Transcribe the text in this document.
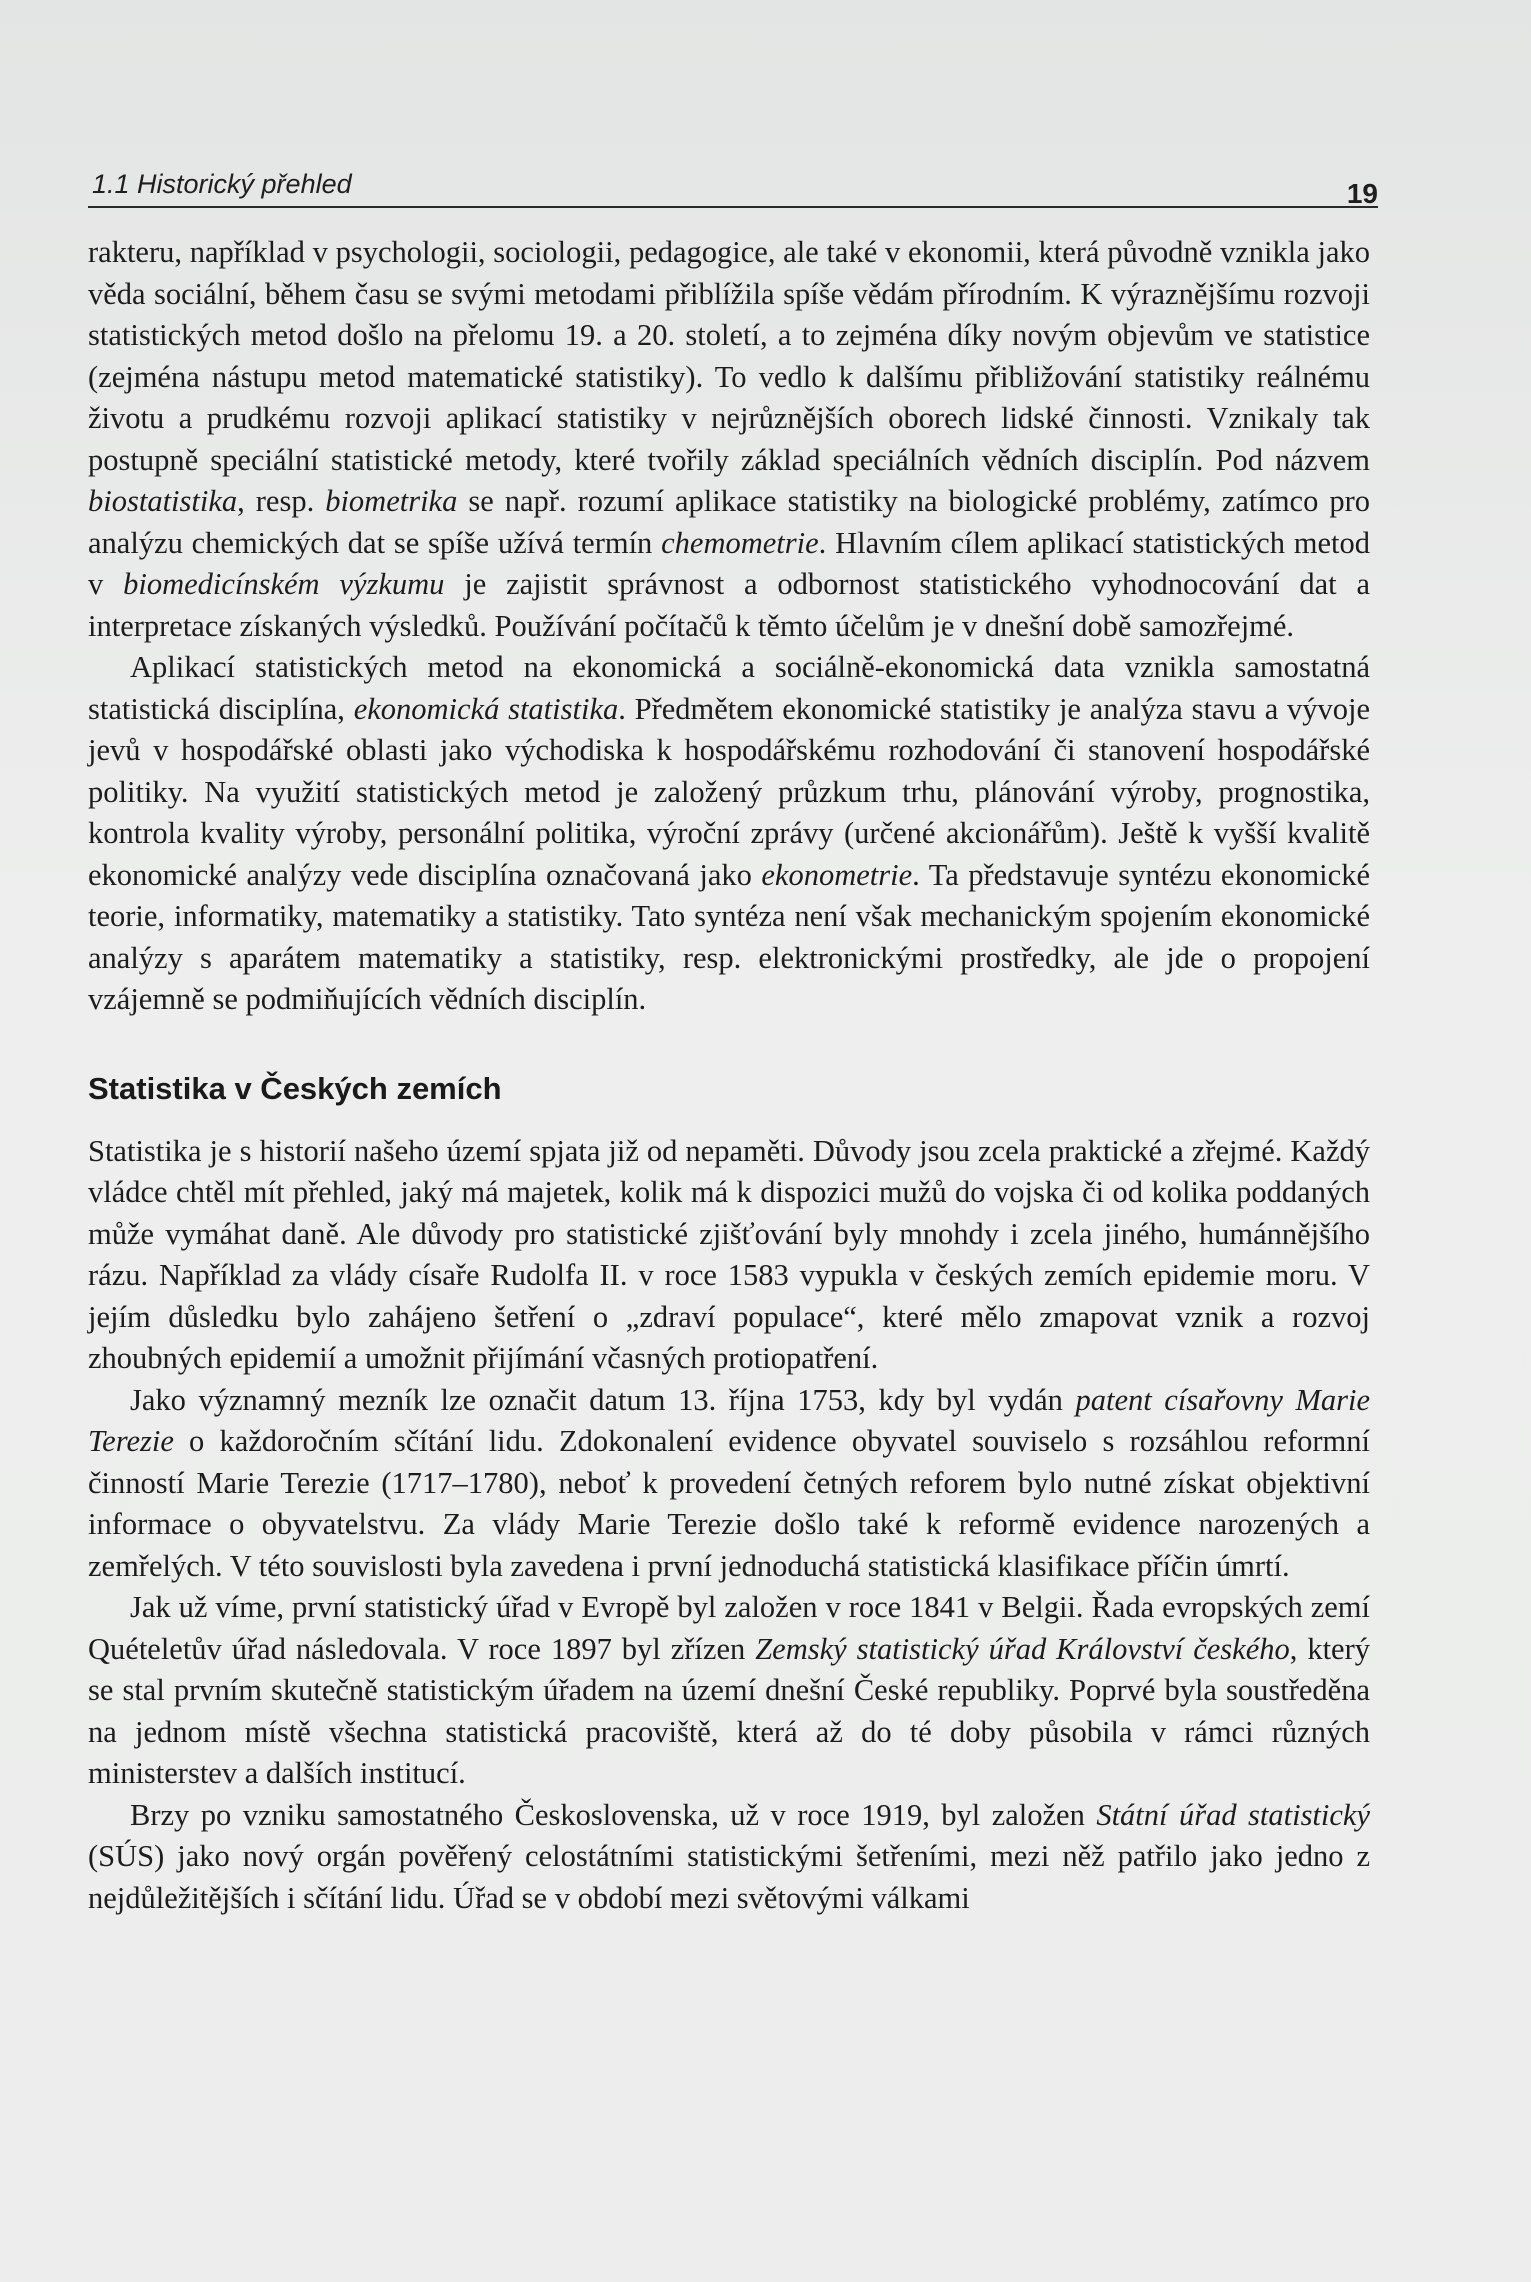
1.1 Historický přehled	19

rakteru, například v psychologii, sociologii, pedagogice, ale také v ekonomii, která původně vznikla jako věda sociální, během času se svými metodami přiblížila spíše vědám přírodním. K výraznějšímu rozvoji statistických metod došlo na přelomu 19. a 20. století, a to zejména díky novým objevům ve statistice (zejména nástupu metod matematické statistiky). To vedlo k dalšímu přibližování statistiky reálnému životu a prudkému rozvoji aplikací statistiky v nejrůznějších oborech lidské činnosti. Vznikaly tak postupně speciální statistické metody, které tvořily základ speciálních vědních disciplín. Pod názvem biostatistika, resp. biometrika se např. rozumí aplikace statistiky na biologické problémy, zatímco pro analýzu chemických dat se spíše užívá termín chemometrie. Hlavním cílem aplikací statistických metod v biomedicínském výzkumu je zajistit správnost a odbornost statistického vyhodnocování dat a interpretace získaných výsledků. Používání počítačů k těmto účelům je v dnešní době samozřejmé.

Aplikací statistických metod na ekonomická a sociálně-ekonomická data vznikla samostatná statistická disciplína, ekonomická statistika. Předmětem ekonomické statistiky je analýza stavu a vývoje jevů v hospodářské oblasti jako východiska k hospodářskému rozhodování či stanovení hospodářské politiky. Na využití statistických metod je založený průzkum trhu, plánování výroby, prognostika, kontrola kvality výroby, personální politika, výroční zprávy (určené akcionářům). Ještě k vyšší kvalitě ekonomické analýzy vede disciplína označovaná jako ekonometrie. Ta představuje syntézu ekonomické teorie, informatiky, matematiky a statistiky. Tato syntéza není však mechanickým spojením ekonomické analýzy s aparátem matematiky a statistiky, resp. elektronickými prostředky, ale jde o propojení vzájemně se podmiňujících vědních disciplín.

Statistika v Českých zemích

Statistika je s historií našeho území spjata již od nepaměti. Důvody jsou zcela praktické a zřejmé. Každý vládce chtěl mít přehled, jaký má majetek, kolik má k dispozici mužů do vojska či od kolika poddaných může vymáhat daně. Ale důvody pro statistické zjišťování byly mnohdy i zcela jiného, humánnějšího rázu. Například za vlády císaře Rudolfa II. v roce 1583 vypukla v českých zemích epidemie moru. V jejím důsledku bylo zahájeno šetření o „zdraví populace“, které mělo zmapovat vznik a rozvoj zhoubných epidemií a umožnit přijímání včasných protiopatření.

Jako významný mezník lze označit datum 13. října 1753, kdy byl vydán patent císařovny Marie Terezie o každoročním sčítání lidu. Zdokonalení evidence obyvatel souviselo s rozsáhlou reformní činností Marie Terezie (1717–1780), neboť k provedení četných reforem bylo nutné získat objektivní informace o obyvatelstvu. Za vlády Marie Terezie došlo také k reformě evidence narozených a zemřelých. V této souvislosti byla zavedena i první jednoduchá statistická klasifikace příčin úmrtí.

Jak už víme, první statistický úřad v Evropě byl založen v roce 1841 v Belgii. Řada evropských zemí Quételetův úřad následovala. V roce 1897 byl zřízen Zemský statistický úřad Království českého, který se stal prvním skutečně statistickým úřadem na území dnešní České republiky. Poprvé byla soustředěna na jednom místě všechna statistická pracoviště, která až do té doby působila v rámci různých ministerstev a dalších institucí.

Brzy po vzniku samostatného Československa, už v roce 1919, byl založen Státní úřad statistický (SÚS) jako nový orgán pověřený celostátními statistickými šetřeními, mezi něž patřilo jako jedno z nejdůležitějších i sčítání lidu. Úřad se v období mezi světovými válkami
